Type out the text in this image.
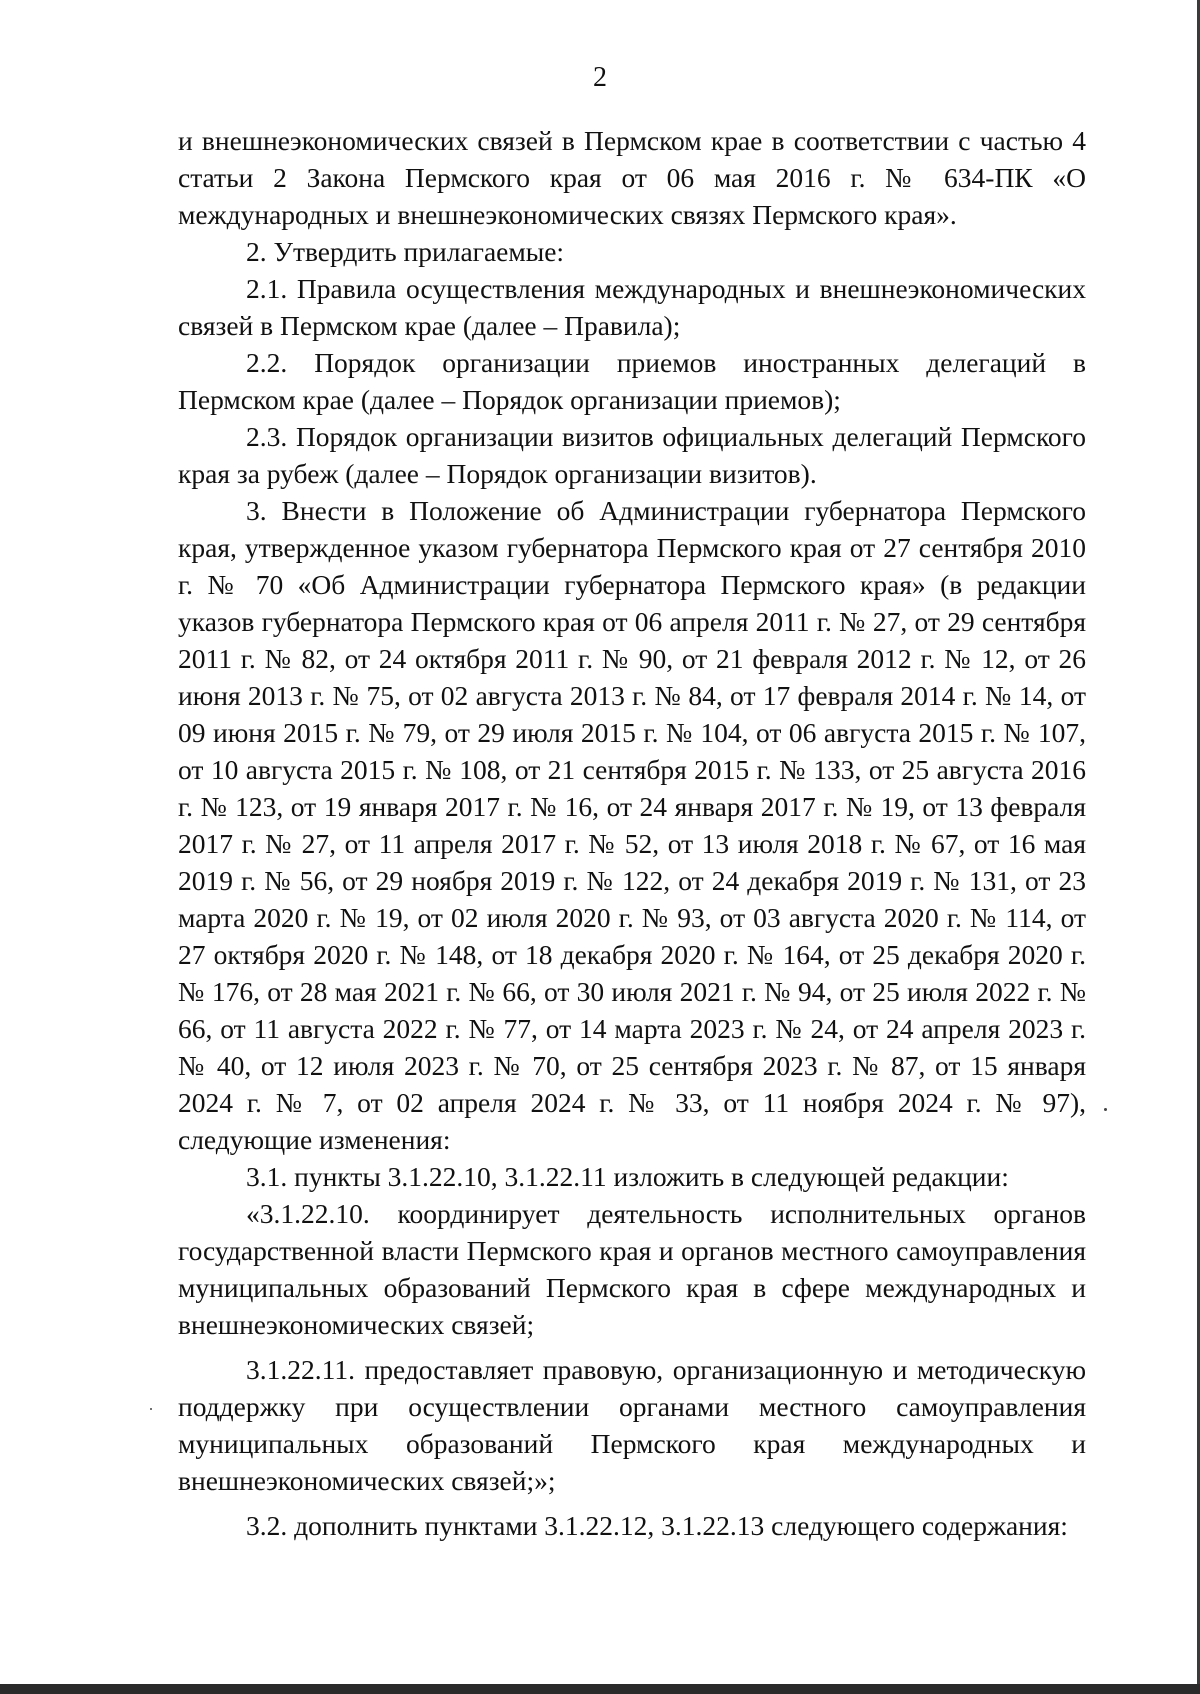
2

и внешнеэкономических связей в Пермском крае в соответствии с частью 4 статьи 2 Закона Пермского края от 06 мая 2016 г. № 634-ПК «О международных и внешнеэкономических связях Пермского края».

2. Утвердить прилагаемые:

2.1. Правила осуществления международных и внешнеэкономических связей в Пермском крае (далее – Правила);

2.2. Порядок организации приемов иностранных делегаций в Пермском крае (далее – Порядок организации приемов);

2.3. Порядок организации визитов официальных делегаций Пермского края за рубеж (далее – Порядок организации визитов).

3. Внести в Положение об Администрации губернатора Пермского края, утвержденное указом губернатора Пермского края от 27 сентября 2010 г. № 70 «Об Администрации губернатора Пермского края» (в редакции указов губернатора Пермского края от 06 апреля 2011 г. № 27, от 29 сентября 2011 г. № 82, от 24 октября 2011 г. № 90, от 21 февраля 2012 г. № 12, от 26 июня 2013 г. № 75, от 02 августа 2013 г. № 84, от 17 февраля 2014 г. № 14, от 09 июня 2015 г. № 79, от 29 июля 2015 г. № 104, от 06 августа 2015 г. № 107, от 10 августа 2015 г. № 108, от 21 сентября 2015 г. № 133, от 25 августа 2016 г. № 123, от 19 января 2017 г. № 16, от 24 января 2017 г. № 19, от 13 февраля 2017 г. № 27, от 11 апреля 2017 г. № 52, от 13 июля 2018 г. № 67, от 16 мая 2019 г. № 56, от 29 ноября 2019 г. № 122, от 24 декабря 2019 г. № 131, от 23 марта 2020 г. № 19, от 02 июля 2020 г. № 93, от 03 августа 2020 г. № 114, от 27 октября 2020 г. № 148, от 18 декабря 2020 г. № 164, от 25 декабря 2020 г. № 176, от 28 мая 2021 г. № 66, от 30 июля 2021 г. № 94, от 25 июля 2022 г. № 66, от 11 августа 2022 г. № 77, от 14 марта 2023 г. № 24, от 24 апреля 2023 г. № 40, от 12 июля 2023 г. № 70, от 25 сентября 2023 г. № 87, от 15 января 2024 г. № 7, от 02 апреля 2024 г. № 33, от 11 ноября 2024 г. № 97), следующие изменения:

3.1. пункты 3.1.22.10, 3.1.22.11 изложить в следующей редакции:

«3.1.22.10. координирует деятельность исполнительных органов государственной власти Пермского края и органов местного самоуправления муниципальных образований Пермского края в сфере международных и внешнеэкономических связей;

3.1.22.11. предоставляет правовую, организационную и методическую поддержку при осуществлении органами местного самоуправления муниципальных образований Пермского края международных и внешнеэкономических связей;»;

3.2. дополнить пунктами 3.1.22.12, 3.1.22.13 следующего содержания:
